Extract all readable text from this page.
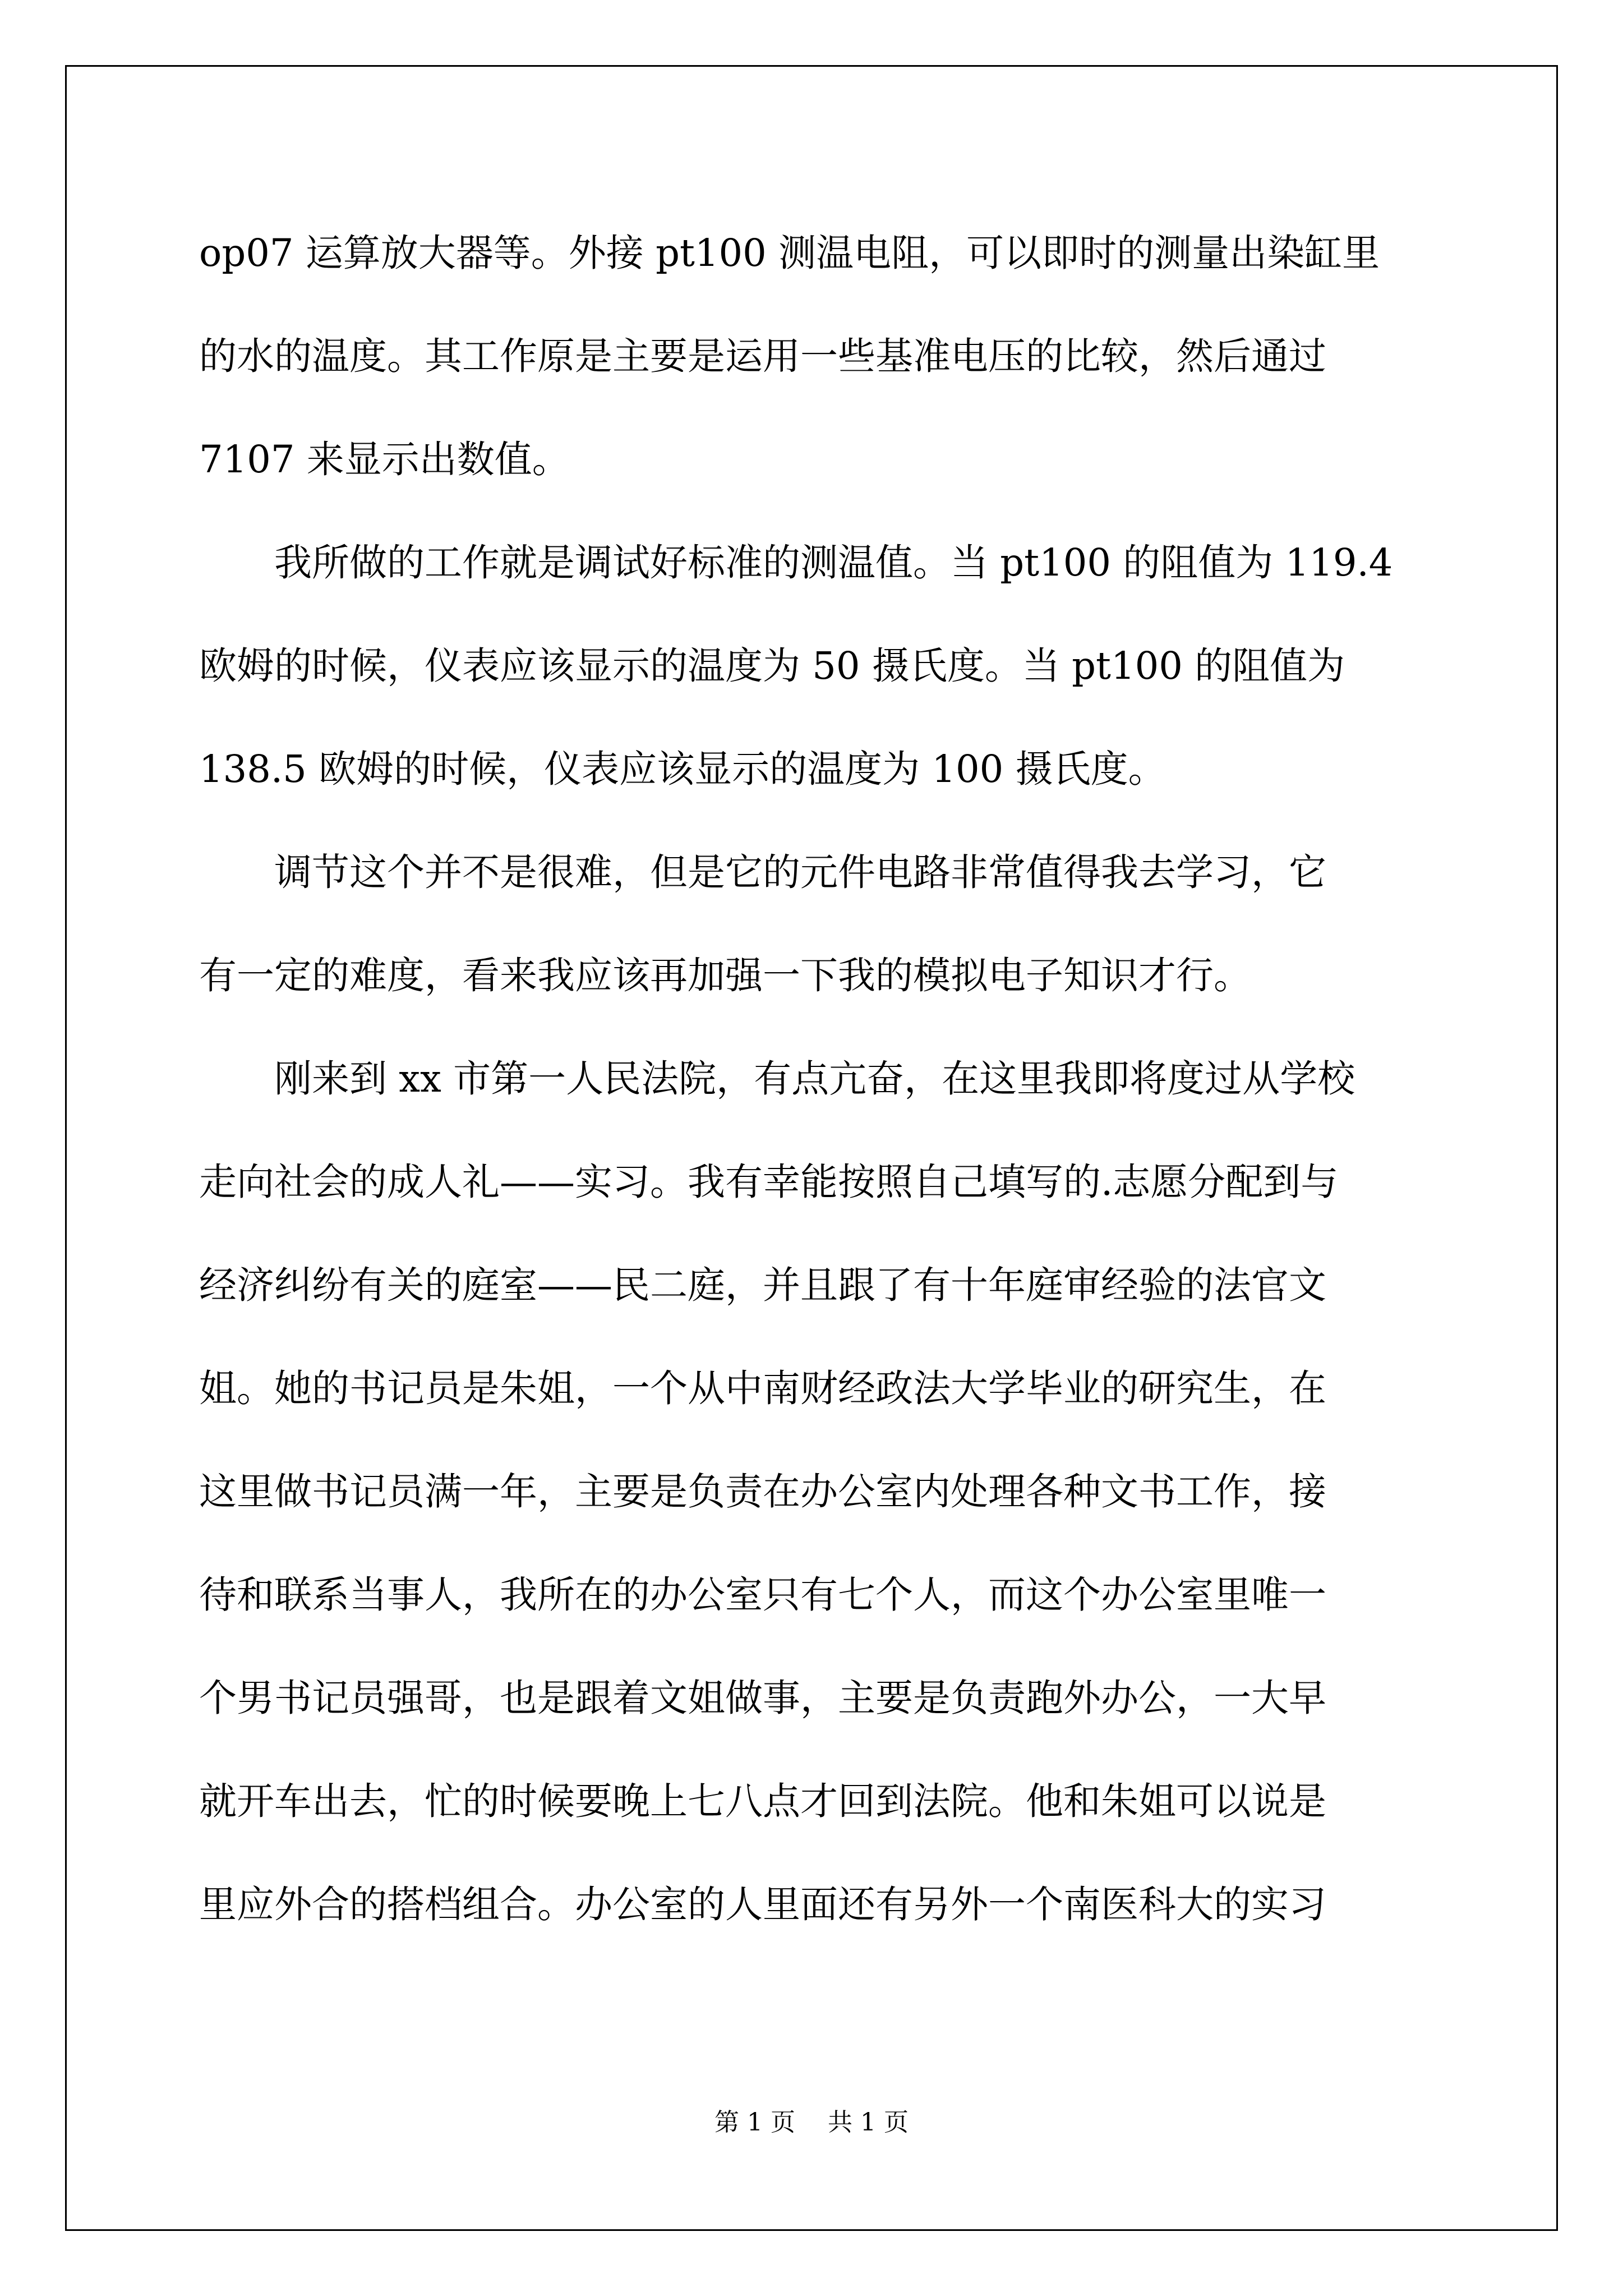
op07 运算放大器等。外接 pt100 测温电阻，可以即时的测量出染缸里
的水的温度。其工作原是主要是运用一些基准电压的比较，然后通过
7107 来显示出数值。
　　我所做的工作就是调试好标准的测温值。当 pt100 的阻值为 119.4
欧姆的时候，仪表应该显示的温度为 50 摄氏度。当 pt100 的阻值为
138.5 欧姆的时候，仪表应该显示的温度为 100 摄氏度。
　　调节这个并不是很难，但是它的元件电路非常值得我去学习，它
有一定的难度，看来我应该再加强一下我的模拟电子知识才行。
　　刚来到 xx 市第一人民法院，有点亢奋，在这里我即将度过从学校
走向社会的成人礼——实习。我有幸能按照自己填写的.志愿分配到与
经济纠纷有关的庭室——民二庭，并且跟了有十年庭审经验的法官文
姐。她的书记员是朱姐，一个从中南财经政法大学毕业的研究生，在
这里做书记员满一年，主要是负责在办公室内处理各种文书工作，接
待和联系当事人，我所在的办公室只有七个人，而这个办公室里唯一
个男书记员强哥，也是跟着文姐做事，主要是负责跑外办公，一大早
就开车出去，忙的时候要晚上七八点才回到法院。他和朱姐可以说是
里应外合的搭档组合。办公室的人里面还有另外一个南医科大的实习
第 1 页　 共 1 页
